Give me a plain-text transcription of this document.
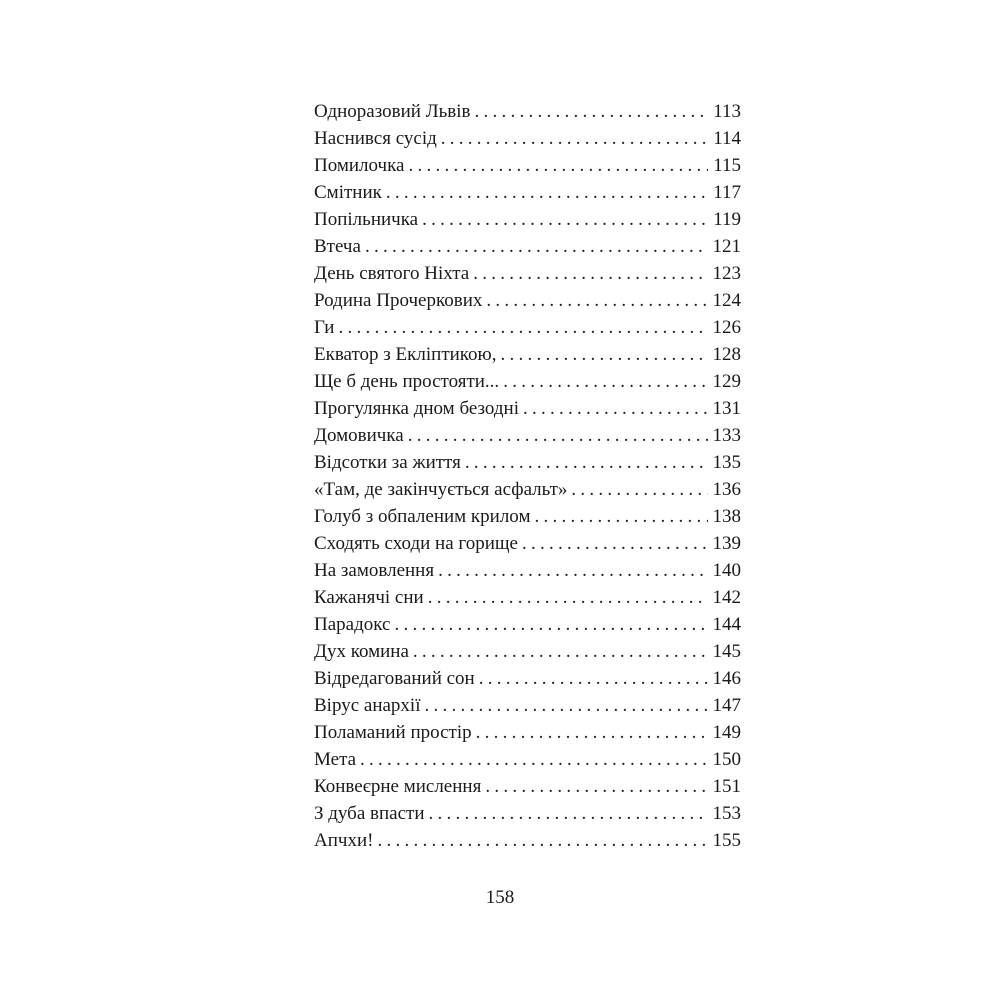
Одноразовий Львів . . .	113
Наснився сусід . . .	114
Помилочка . . .	115
Смітник . . .	117
Попільничка . . .	119
Втеча . . .	121
День святого Ніхта . . .	123
Родина Прочеркових . . .	124
Ги . . .	126
Екватор з Екліптикою, . . .	128
Ще б день простояти... . . .	129
Прогулянка дном безодні . . .	131
Домовичка . . .	133
Відсотки за життя . . .	135
«Там, де закінчується асфальт» . . .	136
Голуб з обпаленим крилом . . .	138
Сходять сходи на горище . . .	139
На замовлення . . .	140
Кажанячі сни . . .	142
Парадокс . . .	144
Дух комина . . .	145
Відредагований сон . . .	146
Вірус анархії . . .	147
Поламаний простір . . .	149
Мета . . .	150
Конвеєрне мислення . . .	151
З дуба впасти . . .	153
Апчхи! . . .	155
158
